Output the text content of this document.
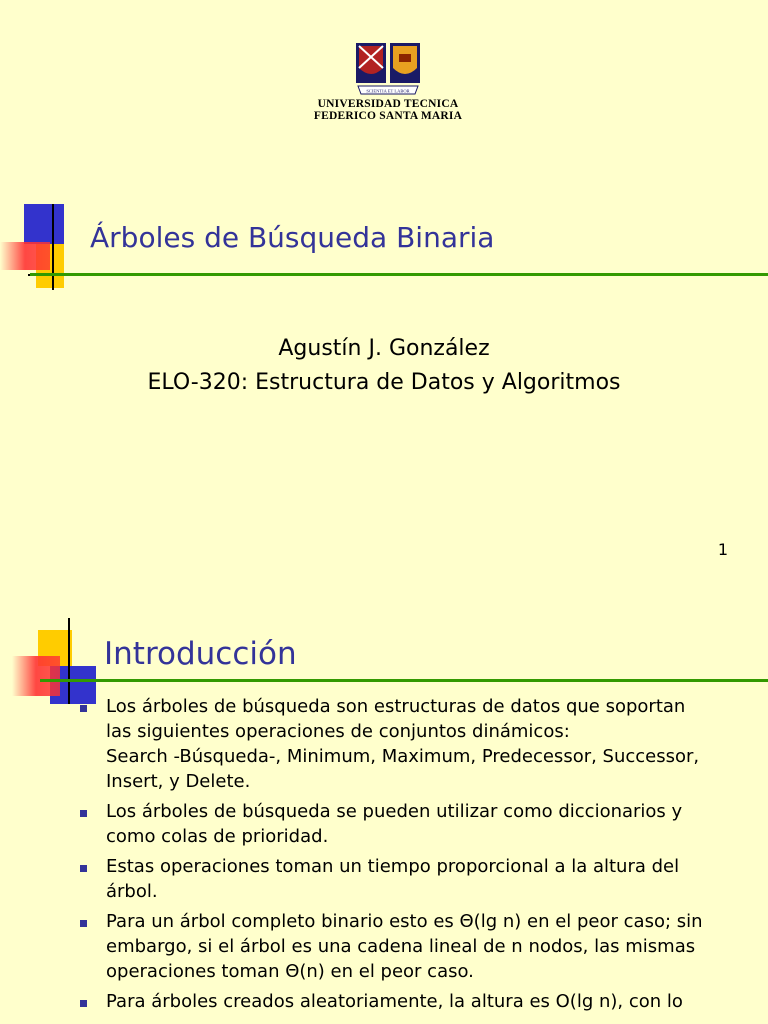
SCIENTIA ET LABOR
UNIVERSIDAD TECNICA
FEDERICO SANTA MARIA
Árboles de Búsqueda Binaria
Agustín J. González
ELO-320: Estructura de Datos y Algoritmos
1
Introducción
Los árboles de búsqueda son estructuras de datos que soportan
las siguientes operaciones de conjuntos dinámicos:
Search -Búsqueda-, Minimum, Maximum, Predecessor, Successor,
Insert, y Delete.
Los árboles de búsqueda se pueden utilizar como diccionarios y
como colas de prioridad.
Estas operaciones toman un tiempo proporcional a la altura del
árbol.
Para un árbol completo binario esto es Θ(lg n) en el peor caso; sin
embargo, si el árbol es una cadena lineal de n nodos, las mismas
operaciones toman Θ(n) en el peor caso.
Para árboles creados aleatoriamente, la altura es O(lg n), con lo
